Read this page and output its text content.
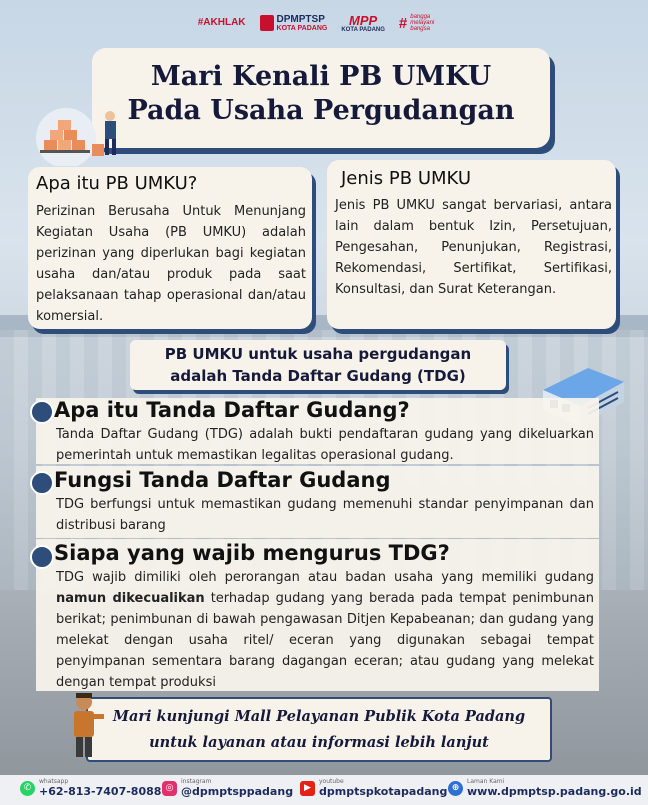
#AKHLAK	DPMPTSP
KOTA PADANG
MPP
KOTA PADANG # bangga melayani bangsa
Mari Kenali PB UMKU
Pada Usaha Pergudangan
Apa itu PB UMKU?

Perizinan Berusaha Untuk Menunjang Kegiatan Usaha (PB UMKU) adalah perizinan yang diperlukan bagi kegiatan usaha dan/atau produk pada saat pelaksanaan tahap operasional dan/atau komersial.

Jenis PB UMKU

Jenis PB UMKU sangat bervariasi, antara lain dalam bentuk Izin, Persetujuan, Pengesahan, Penunjukan, Registrasi, Rekomendasi, Sertifikat, Sertifikasi, Konsultasi, dan Surat Keterangan.

PB UMKU untuk usaha pergudangan
adalah Tanda Daftar Gudang (TDG)
Apa itu Tanda Daftar Gudang?

Tanda Daftar Gudang (TDG) adalah bukti pendaftaran gudang yang dikeluarkan pemerintah untuk memastikan legalitas operasional gudang.

Fungsi Tanda Daftar Gudang

TDG berfungsi untuk memastikan gudang memenuhi standar penyimpanan dan distribusi barang

Siapa yang wajib mengurus TDG?

TDG wajib dimiliki oleh perorangan atau badan usaha yang memiliki gudang namun dikecualikan terhadap gudang yang berada pada tempat penimbunan berikat; penimbunan di bawah pengawasan Ditjen Kepabeanan; dan gudang yang melekat dengan usaha ritel/ eceran yang digunakan sebagai tempat penyimpanan sementara barang dagangan eceran; atau gudang yang melekat dengan tempat produksi

Mari kunjungi Mall Pelayanan Publik Kota Padang
untuk layanan atau informasi lebih lanjut
✆
whatsapp
+62-813-7407-8088 ◎
instagram
@dpmptsppadang	▶
youtube
dpmptspkotapadang ⊕
Laman Kami
www.dpmptsp.padang.go.id
